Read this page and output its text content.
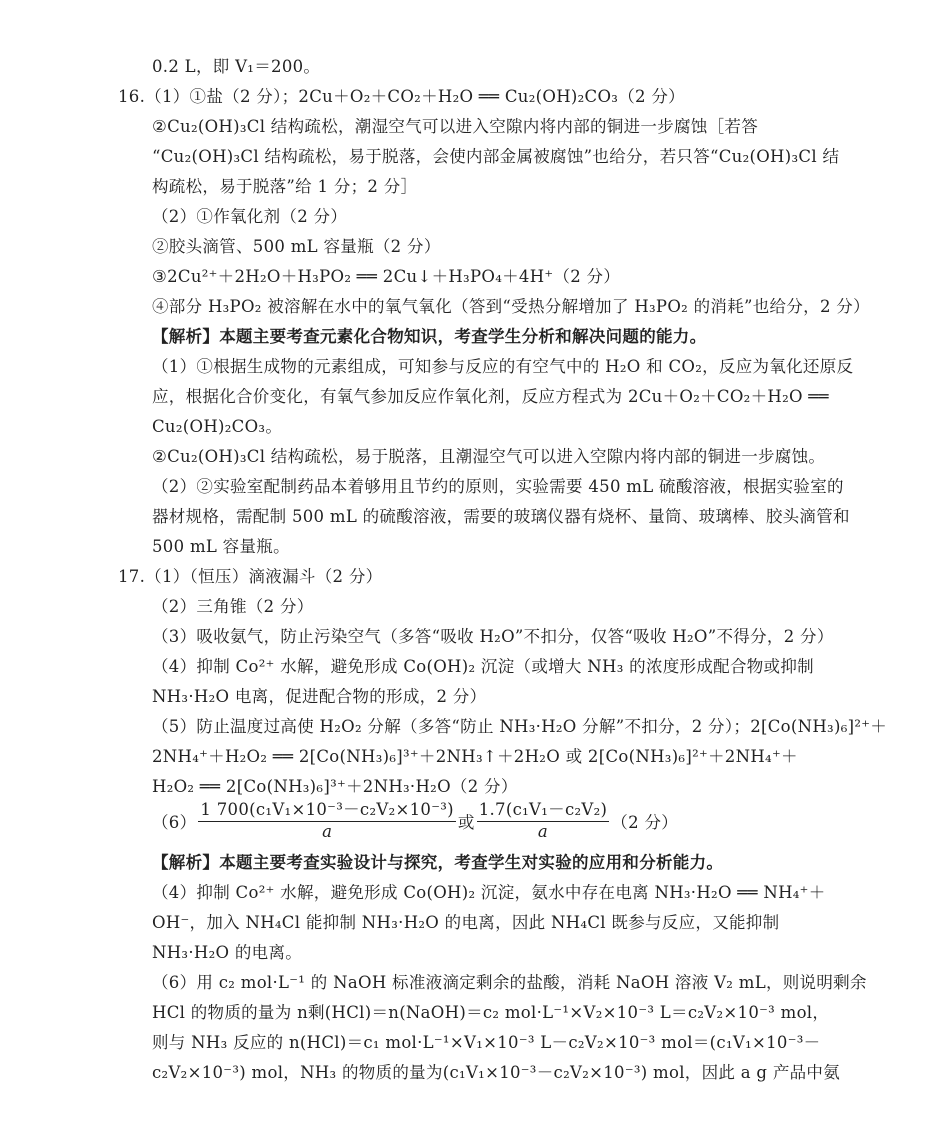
0.2 L，即 V₁＝200。
16.（1）①盐（2 分）；2Cu＋O₂＋CO₂＋H₂O ══ Cu₂(OH)₂CO₃（2 分）
②Cu₂(OH)₃Cl 结构疏松，潮湿空气可以进入空隙内将内部的铜进一步腐蚀［若答
“Cu₂(OH)₃Cl 结构疏松，易于脱落，会使内部金属被腐蚀”也给分，若只答“Cu₂(OH)₃Cl 结
构疏松，易于脱落”给 1 分；2 分］
（2）①作氧化剂（2 分）
②胶头滴管、500 mL 容量瓶（2 分）
③2Cu²⁺＋2H₂O＋H₃PO₂ ══ 2Cu↓＋H₃PO₄＋4H⁺（2 分）
④部分 H₃PO₂ 被溶解在水中的氧气氧化（答到“受热分解增加了 H₃PO₂ 的消耗”也给分，2 分）
【解析】本题主要考查元素化合物知识，考查学生分析和解决问题的能力。
（1）①根据生成物的元素组成，可知参与反应的有空气中的 H₂O 和 CO₂，反应为氧化还原反
应，根据化合价变化，有氧气参加反应作氧化剂，反应方程式为 2Cu＋O₂＋CO₂＋H₂O ══
Cu₂(OH)₂CO₃。
②Cu₂(OH)₃Cl 结构疏松，易于脱落，且潮湿空气可以进入空隙内将内部的铜进一步腐蚀。
（2）②实验室配制药品本着够用且节约的原则，实验需要 450 mL 硫酸溶液，根据实验室的
器材规格，需配制 500 mL 的硫酸溶液，需要的玻璃仪器有烧杯、量筒、玻璃棒、胶头滴管和
500 mL 容量瓶。
17.（1）（恒压）滴液漏斗（2 分）
（2）三角锥（2 分）
（3）吸收氨气，防止污染空气（多答“吸收 H₂O”不扣分，仅答“吸收 H₂O”不得分，2 分）
（4）抑制 Co²⁺ 水解，避免形成 Co(OH)₂ 沉淀（或增大 NH₃ 的浓度形成配合物或抑制
NH₃·H₂O 电离，促进配合物的形成，2 分）
（5）防止温度过高使 H₂O₂ 分解（多答“防止 NH₃·H₂O 分解”不扣分，2 分）；2[Co(NH₃)₆]²⁺＋
2NH₄⁺＋H₂O₂ ══ 2[Co(NH₃)₆]³⁺＋2NH₃↑＋2H₂O 或 2[Co(NH₃)₆]²⁺＋2NH₄⁺＋
H₂O₂ ══ 2[Co(NH₃)₆]³⁺＋2NH₃·H₂O（2 分）
$(6) \frac{\text{1 700(c₁V₁×10⁻³－c₂V₂×10⁻³)}}{a}$ 或 $\frac{\text{1.7(c₁V₁－c₂V₂)}}{a} (2$ 分）
【解析】本题主要考查实验设计与探究，考查学生对实验的应用和分析能力。
（4）抑制 Co²⁺ 水解，避免形成 Co(OH)₂ 沉淀，氨水中存在电离 NH₃·H₂O ══ NH₄⁺＋
OH⁻，加入 NH₄Cl 能抑制 NH₃·H₂O 的电离，因此 NH₄Cl 既参与反应，又能抑制
NH₃·H₂O 的电离。
（6）用 c₂ mol·L⁻¹ 的 NaOH 标准液滴定剩余的盐酸，消耗 NaOH 溶液 V₂ mL，则说明剩余
HCl 的物质的量为 n剩(HCl)＝n(NaOH)＝c₂ mol·L⁻¹×V₂×10⁻³ L＝c₂V₂×10⁻³ mol，
则与 NH₃ 反应的 n(HCl)＝c₁ mol·L⁻¹×V₁×10⁻³ L－c₂V₂×10⁻³ mol＝(c₁V₁×10⁻³－
c₂V₂×10⁻³) mol，NH₃ 的物质的量为(c₁V₁×10⁻³－c₂V₂×10⁻³) mol，因此 a g 产品中氨
